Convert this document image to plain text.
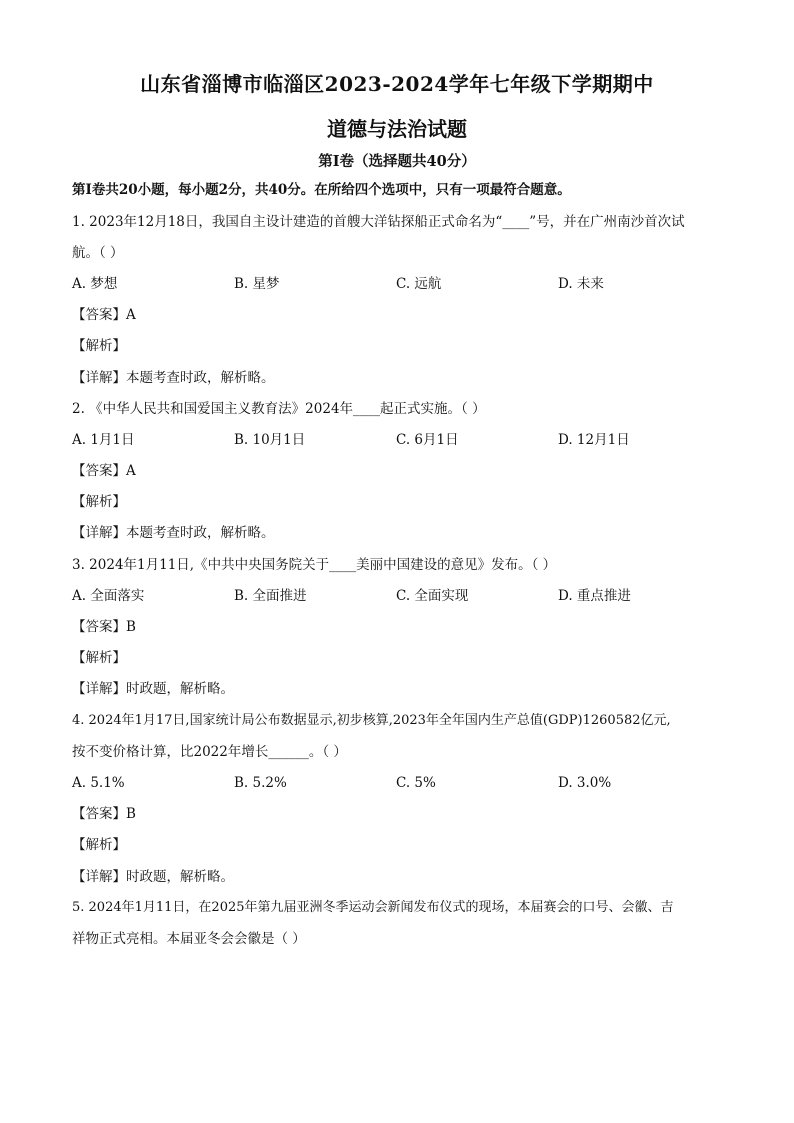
山东省淄博市临淄区2023-2024学年七年级下学期期中
道德与法治试题
第Ⅰ卷（选择题共40分）
第Ⅰ卷共20小题，每小题2分，共40分。在所给四个选项中，只有一项最符合题意。
1. 2023年12月18日，我国自主设计建造的首艘大洋钻探船正式命名为“____”号，并在广州南沙首次试
航。（ ）
A. 梦想	B. 星梦	C. 远航	D. 未来
【答案】A
【解析】
【详解】本题考查时政，解析略。
2. 《中华人民共和国爱国主义教育法》2024年____起正式实施。（ ）
A. 1月1日	B. 10月1日	C. 6月1日	D. 12月1日
【答案】A
【解析】
【详解】本题考查时政，解析略。
3. 2024年1月11日,《中共中央国务院关于____美丽中国建设的意见》发布。（ ）
A. 全面落实	B. 全面推进	C. 全面实现	D. 重点推进
【答案】B
【解析】
【详解】时政题，解析略。
4. 2024年1月17日,国家统计局公布数据显示,初步核算,2023年全年国内生产总值(GDP)1260582亿元,
按不变价格计算，比2022年增长______。（ ）
A. 5.1%	B. 5.2%	C. 5%	D. 3.0%
【答案】B
【解析】
【详解】时政题，解析略。
5. 2024年1月11日，在2025年第九届亚洲冬季运动会新闻发布仪式的现场，本届赛会的口号、会徽、吉
祥物正式亮相。本届亚冬会会徽是（ ）
